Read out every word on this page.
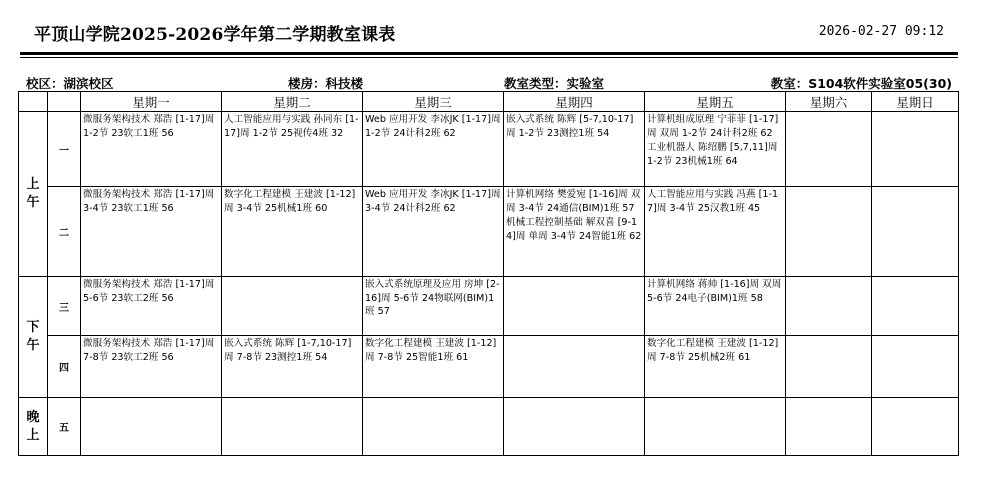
平顶山学院2025-2026学年第二学期教室课表	2026-02-27 09:12
校区：湖滨校区	楼房：科技楼	教室类型：实验室	教室：S104软件实验室05(30)
		星期一	星期二	星期三	星期四	星期五	星期六	星期日
上
午	一	微服务架构技术 郑浩 [1-17]周 1-2节 23软工1班 56	人工智能应用与实践 孙同东 [1-17]周 1-2节 25视传4班 32	Web 应用开发 李冰JK [1-17]周 1-2节 24计科2班 62	嵌入式系统 陈辉 [5-7,10-17]周 1-2节 23测控1班 54	计算机组成原理 宁菲菲 [1-17]周 双周 1-2节 24计科2班 62
工业机器人 陈绍鹏 [5,7,11]周 1-2节 23机械1班 64		

	二	微服务架构技术 郑浩 [1-17]周 3-4节 23软工1班 56	数字化工程建模 王建波 [1-12]周 3-4节 25机械1班 60	Web 应用开发 李冰JK [1-17]周 3-4节 24计科2班 62	计算机网络 樊爱宛 [1-16]周 双周 3-4节 24通信(BIM)1班 57
机械工程控制基础 解双喜 [9-14]周 单周 3-4节 24智能1班 62	人工智能应用与实践 冯燕 [1-17]周 3-4节 25汉教1班 45		

下
午	三	微服务架构技术 郑浩 [1-17]周 5-6节 23软工2班 56		嵌入式系统原理及应用 房坤 [2-16]周 5-6节 24物联网(BIM)1班 57		计算机网络 蒋帅 [1-16]周 双周 5-6节 24电子(BIM)1班 58		

	四	微服务架构技术 郑浩 [1-17]周 7-8节 23软工2班 56	嵌入式系统 陈辉 [1-7,10-17]周 7-8节 23测控1班 54	数字化工程建模 王建波 [1-12]周 7-8节 25智能1班 61		数字化工程建模 王建波 [1-12]周 7-8节 25机械2班 61		

晚
上	五							
